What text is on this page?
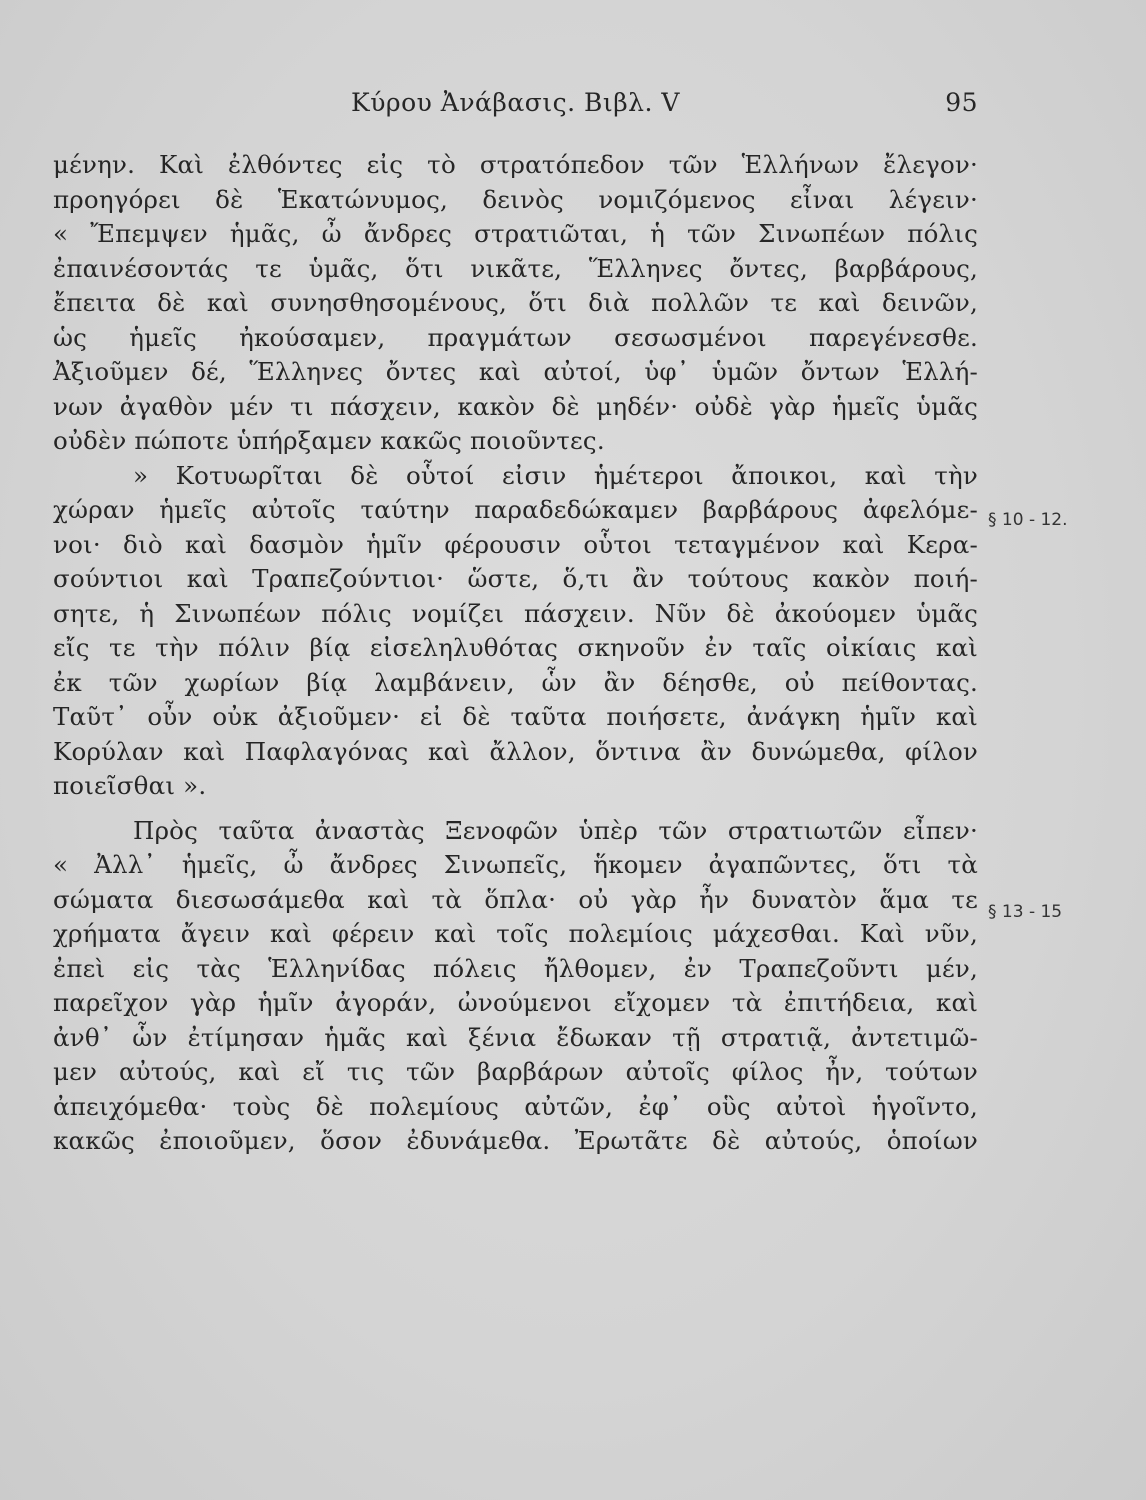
Κύρου Ἀνάβασις. Βιβλ. V	95
μένην. Καὶ ἐλθόντες εἰς τὸ στρατόπεδον τῶν Ἑλλήνων ἔλεγον·
προηγόρει δὲ Ἑκατώνυμος, δεινὸς νομιζόμενος εἶναι λέγειν·
« Ἔπεμψεν ἡμᾶς, ὦ ἄνδρες στρατιῶται, ἡ τῶν Σινωπέων πόλις
ἐπαινέσοντάς τε ὑμᾶς, ὅτι νικᾶτε, Ἕλληνες ὄντες, βαρβάρους,
ἔπειτα δὲ καὶ συνησθησομένους, ὅτι διὰ πολλῶν τε καὶ δεινῶν,
ὡς ἡμεῖς ἠκούσαμεν, πραγμάτων σεσωσμένοι παρεγένεσθε.
Ἀξιοῦμεν δέ, Ἕλληνες ὄντες καὶ αὐτοί, ὑφ᾽ ὑμῶν ὄντων Ἑλλή-
νων ἀγαθὸν μέν τι πάσχειν, κακὸν δὲ μηδέν· οὐδὲ γὰρ ἡμεῖς ὑμᾶς
οὐδὲν πώποτε ὑπήρξαμεν κακῶς ποιοῦντες.
» Κοτυωρῖται δὲ οὗτοί εἰσιν ἡμέτεροι ἄποικοι, καὶ τὴν
χώραν ἡμεῖς αὐτοῖς ταύτην παραδεδώκαμεν βαρβάρους ἀφελόμε-
νοι· διὸ καὶ δασμὸν ἡμῖν φέρουσιν οὗτοι τεταγμένον καὶ Κερα-
σούντιοι καὶ Τραπεζούντιοι· ὥστε, ὅ,τι ἂν τούτους κακὸν ποιή-
σητε, ἡ Σινωπέων πόλις νομίζει πάσχειν. Νῦν δὲ ἀκούομεν ὑμᾶς
εἴς τε τὴν πόλιν βίᾳ εἰσεληλυθότας σκηνοῦν ἐν ταῖς οἰκίαις καὶ
ἐκ τῶν χωρίων βίᾳ λαμβάνειν, ὧν ἂν δέησθε, οὐ πείθοντας.
Ταῦτ᾽ οὖν οὐκ ἀξιοῦμεν· εἰ δὲ ταῦτα ποιήσετε, ἀνάγκη ἡμῖν καὶ
Κορύλαν καὶ Παφλαγόνας καὶ ἄλλον, ὅντινα ἂν δυνώμεθα, φίλον
ποιεῖσθαι ».
Πρὸς ταῦτα ἀναστὰς Ξενοφῶν ὑπὲρ τῶν στρατιωτῶν εἶπεν·
« Ἀλλ᾽ ἡμεῖς, ὦ ἄνδρες Σινωπεῖς, ἥκομεν ἀγαπῶντες, ὅτι τὰ
σώματα διεσωσάμεθα καὶ τὰ ὅπλα· οὐ γὰρ ἦν δυνατὸν ἅμα τε
χρήματα ἄγειν καὶ φέρειν καὶ τοῖς πολεμίοις μάχεσθαι. Καὶ νῦν,
ἐπεὶ εἰς τὰς Ἑλληνίδας πόλεις ἤλθομεν, ἐν Τραπεζοῦντι μέν,
παρεῖχον γὰρ ἡμῖν ἀγοράν, ὠνούμενοι εἴχομεν τὰ ἐπιτήδεια, καὶ
ἀνθ᾽ ὧν ἐτίμησαν ἡμᾶς καὶ ξένια ἔδωκαν τῇ στρατιᾷ, ἀντετιμῶ-
μεν αὐτούς, καὶ εἴ τις τῶν βαρβάρων αὐτοῖς φίλος ἦν, τούτων
ἀπειχόμεθα· τοὺς δὲ πολεμίους αὐτῶν, ἐφ᾽ οὓς αὐτοὶ ἡγοῖντο,
κακῶς ἐποιοῦμεν, ὅσον ἐδυνάμεθα. Ἐρωτᾶτε δὲ αὐτούς, ὁποίων
§ 10 - 12.
§ 13 - 15
